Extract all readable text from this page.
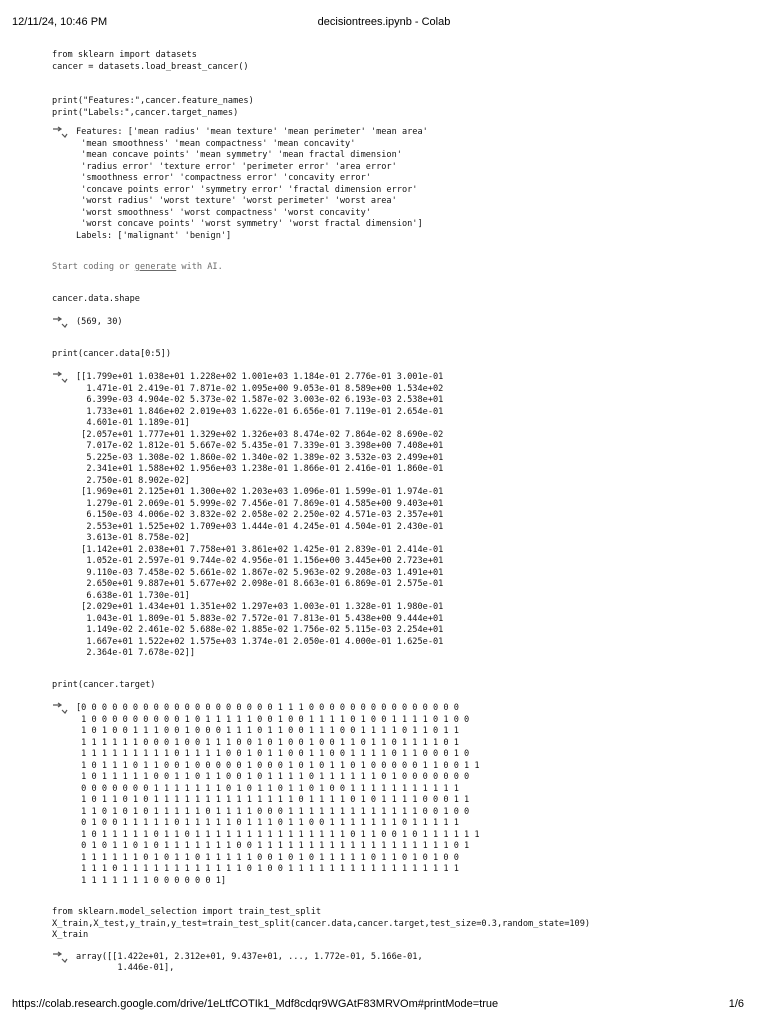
12/11/24, 10:46 PM	decisiontrees.ipynb - Colab
from sklearn import datasets
cancer = datasets.load_breast_cancer()

print("Features:",cancer.feature_names)
print("Labels:",cancer.target_names)
Features: ['mean radius' 'mean texture' 'mean perimeter' 'mean area'
'mean smoothness' 'mean compactness' 'mean concavity'
'mean concave points' 'mean symmetry' 'mean fractal dimension'
'radius error' 'texture error' 'perimeter error' 'area error'
'smoothness error' 'compactness error' 'concavity error'
'concave points error' 'symmetry error' 'fractal dimension error'
'worst radius' 'worst texture' 'worst perimeter' 'worst area'
'worst smoothness' 'worst compactness' 'worst concavity'
'worst concave points' 'worst symmetry' 'worst fractal dimension']
Labels: ['malignant' 'benign']
Start coding or generate with AI.
cancer.data.shape
(569, 30)
print(cancer.data[0:5])
[[1.799e+01 1.038e+01 1.228e+02 1.001e+03 1.184e-01 2.776e-01 3.001e-01
1.471e-01 2.419e-01 7.871e-02 1.095e+00 9.053e-01 8.589e+00 1.534e+02
6.399e-03 4.904e-02 5.373e-02 1.587e-02 3.003e-02 6.193e-03 2.538e+01
1.733e+01 1.846e+02 2.019e+03 1.622e-01 6.656e-01 7.119e-01 2.654e-01
4.601e-01 1.189e-01]
[2.057e+01 1.777e+01 1.329e+02 1.326e+03 8.474e-02 7.864e-02 8.690e-02
7.017e-02 1.812e-01 5.667e-02 5.435e-01 7.339e-01 3.398e+00 7.408e+01
5.225e-03 1.308e-02 1.860e-02 1.340e-02 1.389e-02 3.532e-03 2.499e+01
2.341e+01 1.588e+02 1.956e+03 1.238e-01 1.866e-01 2.416e-01 1.860e-01
2.750e-01 8.902e-02]
[1.969e+01 2.125e+01 1.300e+02 1.203e+03 1.096e-01 1.599e-01 1.974e-01
1.279e-01 2.069e-01 5.999e-02 7.456e-01 7.869e-01 4.585e+00 9.403e+01
6.150e-03 4.006e-02 3.832e-02 2.058e-02 2.250e-02 4.571e-03 2.357e+01
2.553e+01 1.525e+02 1.709e+03 1.444e-01 4.245e-01 4.504e-01 2.430e-01
3.613e-01 8.758e-02]
[1.142e+01 2.038e+01 7.758e+01 3.861e+02 1.425e-01 2.839e-01 2.414e-01
1.052e-01 2.597e-01 9.744e-02 4.956e-01 1.156e+00 3.445e+00 2.723e+01
9.110e-03 7.458e-02 5.661e-02 1.867e-02 5.963e-02 9.208e-03 1.491e+01
2.650e+01 9.887e+01 5.677e+02 2.098e-01 8.663e-01 6.869e-01 2.575e-01
6.638e-01 1.730e-01]
[2.029e+01 1.434e+01 1.351e+02 1.297e+03 1.003e-01 1.328e-01 1.980e-01
1.043e-01 1.809e-01 5.883e-02 7.572e-01 7.813e-01 5.438e+00 9.444e+01
1.149e-02 2.461e-02 5.688e-02 1.885e-02 1.756e-02 5.115e-03 2.254e+01
1.667e+01 1.522e+02 1.575e+03 1.374e-01 2.050e-01 4.000e-01 1.625e-01
2.364e-01 7.678e-02]]
print(cancer.target)
[0 0 0 0 0 0 0 0 0 0 0 0 0 0 0 0 0 0 0 1 1 1 0 0 0 0 0 0 0 0 0 0 0 0 0 0 0
1 0 0 0 0 0 0 0 0 0 1 0 1 1 1 1 1 0 0 1 0 0 1 1 1 1 0 1 0 0 1 1 1 1 0 1 0 0
1 0 1 0 0 1 1 1 0 0 1 0 0 0 1 1 1 0 1 1 0 0 1 1 1 0 0 1 1 1 1 0 1 1 0 1 1
1 1 1 1 1 1 0 0 0 1 0 0 1 1 1 0 0 1 0 1 0 0 1 0 0 1 1 0 1 1 0 1 1 1 1 0 1
1 1 1 1 1 1 1 1 1 0 1 1 1 1 0 0 1 0 1 1 0 0 1 1 0 0 1 1 1 1 0 1 1 0 0 0 1 0
1 0 1 1 1 0 1 1 0 0 1 0 0 0 0 0 1 0 0 0 1 0 1 0 1 1 0 1 0 0 0 0 0 1 1 0 0 1 1
1 0 1 1 1 1 1 0 0 1 1 0 1 1 0 0 1 0 1 1 1 1 0 1 1 1 1 1 1 0 1 0 0 0 0 0 0 0
0 0 0 0 0 0 0 1 1 1 1 1 1 1 0 1 0 1 1 0 1 1 0 1 0 0 1 1 1 1 1 1 1 1 1 1 1
1 0 1 1 0 1 0 1 1 1 1 1 1 1 1 1 1 1 1 1 1 0 1 1 1 1 0 1 0 1 1 1 1 0 0 0 1 1
1 1 0 1 0 1 0 1 1 1 1 1 0 1 1 1 1 0 0 0 1 1 1 1 1 1 1 1 1 1 1 1 1 0 0 1 0 0
0 1 0 0 1 1 1 1 1 0 1 1 1 1 1 0 1 1 1 0 1 1 0 0 1 1 1 1 1 1 1 0 1 1 1 1 1
1 0 1 1 1 1 1 0 1 1 0 1 1 1 1 1 1 1 1 1 1 1 1 1 1 1 0 1 1 0 0 1 0 1 1 1 1 1 1
0 1 0 1 1 0 1 0 1 1 1 1 1 1 1 0 0 1 1 1 1 1 1 1 1 1 1 1 1 1 1 1 1 1 1 1 0 1
1 1 1 1 1 1 0 1 0 1 1 0 1 1 1 1 1 0 0 1 0 1 0 1 1 1 1 1 0 1 1 0 1 0 1 0 0
1 1 1 0 1 1 1 1 1 1 1 1 1 1 1 1 0 1 0 0 1 1 1 1 1 1 1 1 1 1 1 1 1 1 1 1 1
1 1 1 1 1 1 1 0 0 0 0 0 0 1]
from sklearn.model_selection import train_test_split
X_train,X_test,y_train,y_test=train_test_split(cancer.data,cancer.target,test_size=0.3,random_state=109)
X_train
array([[1.422e+01, 2.312e+01, 9.437e+01, ..., 1.772e-01, 5.166e-01,
1.446e-01],
https://colab.research.google.com/drive/1eLtfCOTIk1_Mdf8cdqr9WGAtF83MRVOm#printMode=true	1/6
